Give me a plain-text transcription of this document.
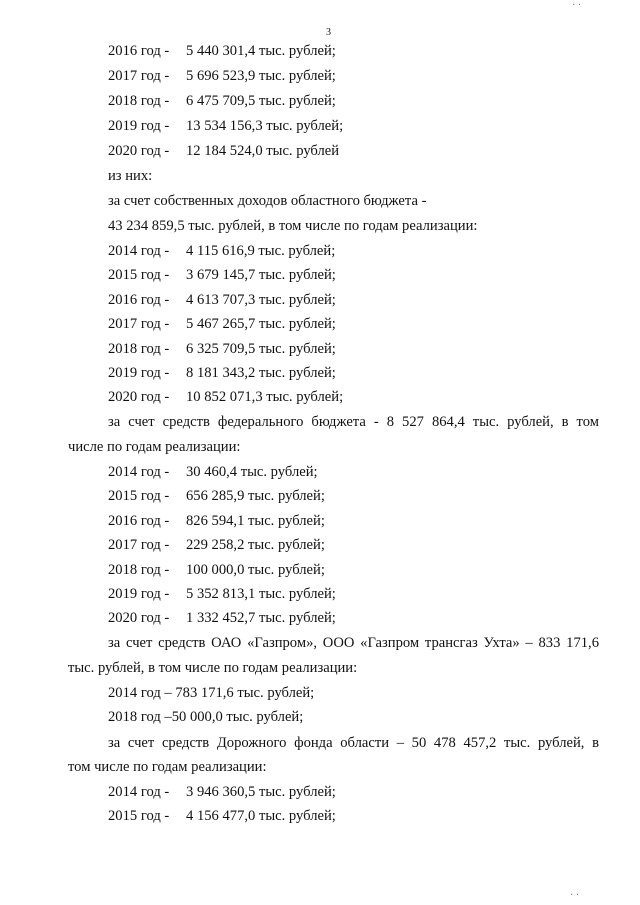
3
2016 год - 5 440 301,4 тыс. рублей;
2017 год - 5 696 523,9 тыс. рублей;
2018 год - 6 475 709,5 тыс. рублей;
2019 год - 13 534 156,3 тыс. рублей;
2020 год - 12 184 524,0 тыс. рублей
из них:
за счет собственных доходов областного бюджета -
43 234 859,5 тыс. рублей, в том числе по годам реализации:
2014 год - 4 115 616,9 тыс. рублей;
2015 год - 3 679 145,7 тыс. рублей;
2016 год - 4 613 707,3 тыс. рублей;
2017 год - 5 467 265,7 тыс. рублей;
2018 год - 6 325 709,5 тыс. рублей;
2019 год - 8 181 343,2 тыс. рублей;
2020 год - 10 852 071,3 тыс. рублей;
за счет средств федерального бюджета - 8 527 864,4 тыс. рублей, в том
числе по годам реализации:
2014 год - 30 460,4 тыс. рублей;
2015 год - 656 285,9 тыс. рублей;
2016 год - 826 594,1 тыс. рублей;
2017 год - 229 258,2 тыс. рублей;
2018 год - 100 000,0 тыс. рублей;
2019 год - 5 352 813,1 тыс. рублей;
2020 год - 1 332 452,7 тыс. рублей;
за счет средств ОАО «Газпром», ООО «Газпром трансгаз Ухта» – 833 171,6
тыс. рублей, в том числе по годам реализации:
2014 год – 783 171,6 тыс. рублей;
2018 год –50 000,0 тыс. рублей;
за счет средств Дорожного фонда области – 50 478 457,2 тыс. рублей, в
том числе по годам реализации:
2014 год - 3 946 360,5 тыс. рублей;
2015 год - 4 156 477,0 тыс. рублей;
· ·
· ·
